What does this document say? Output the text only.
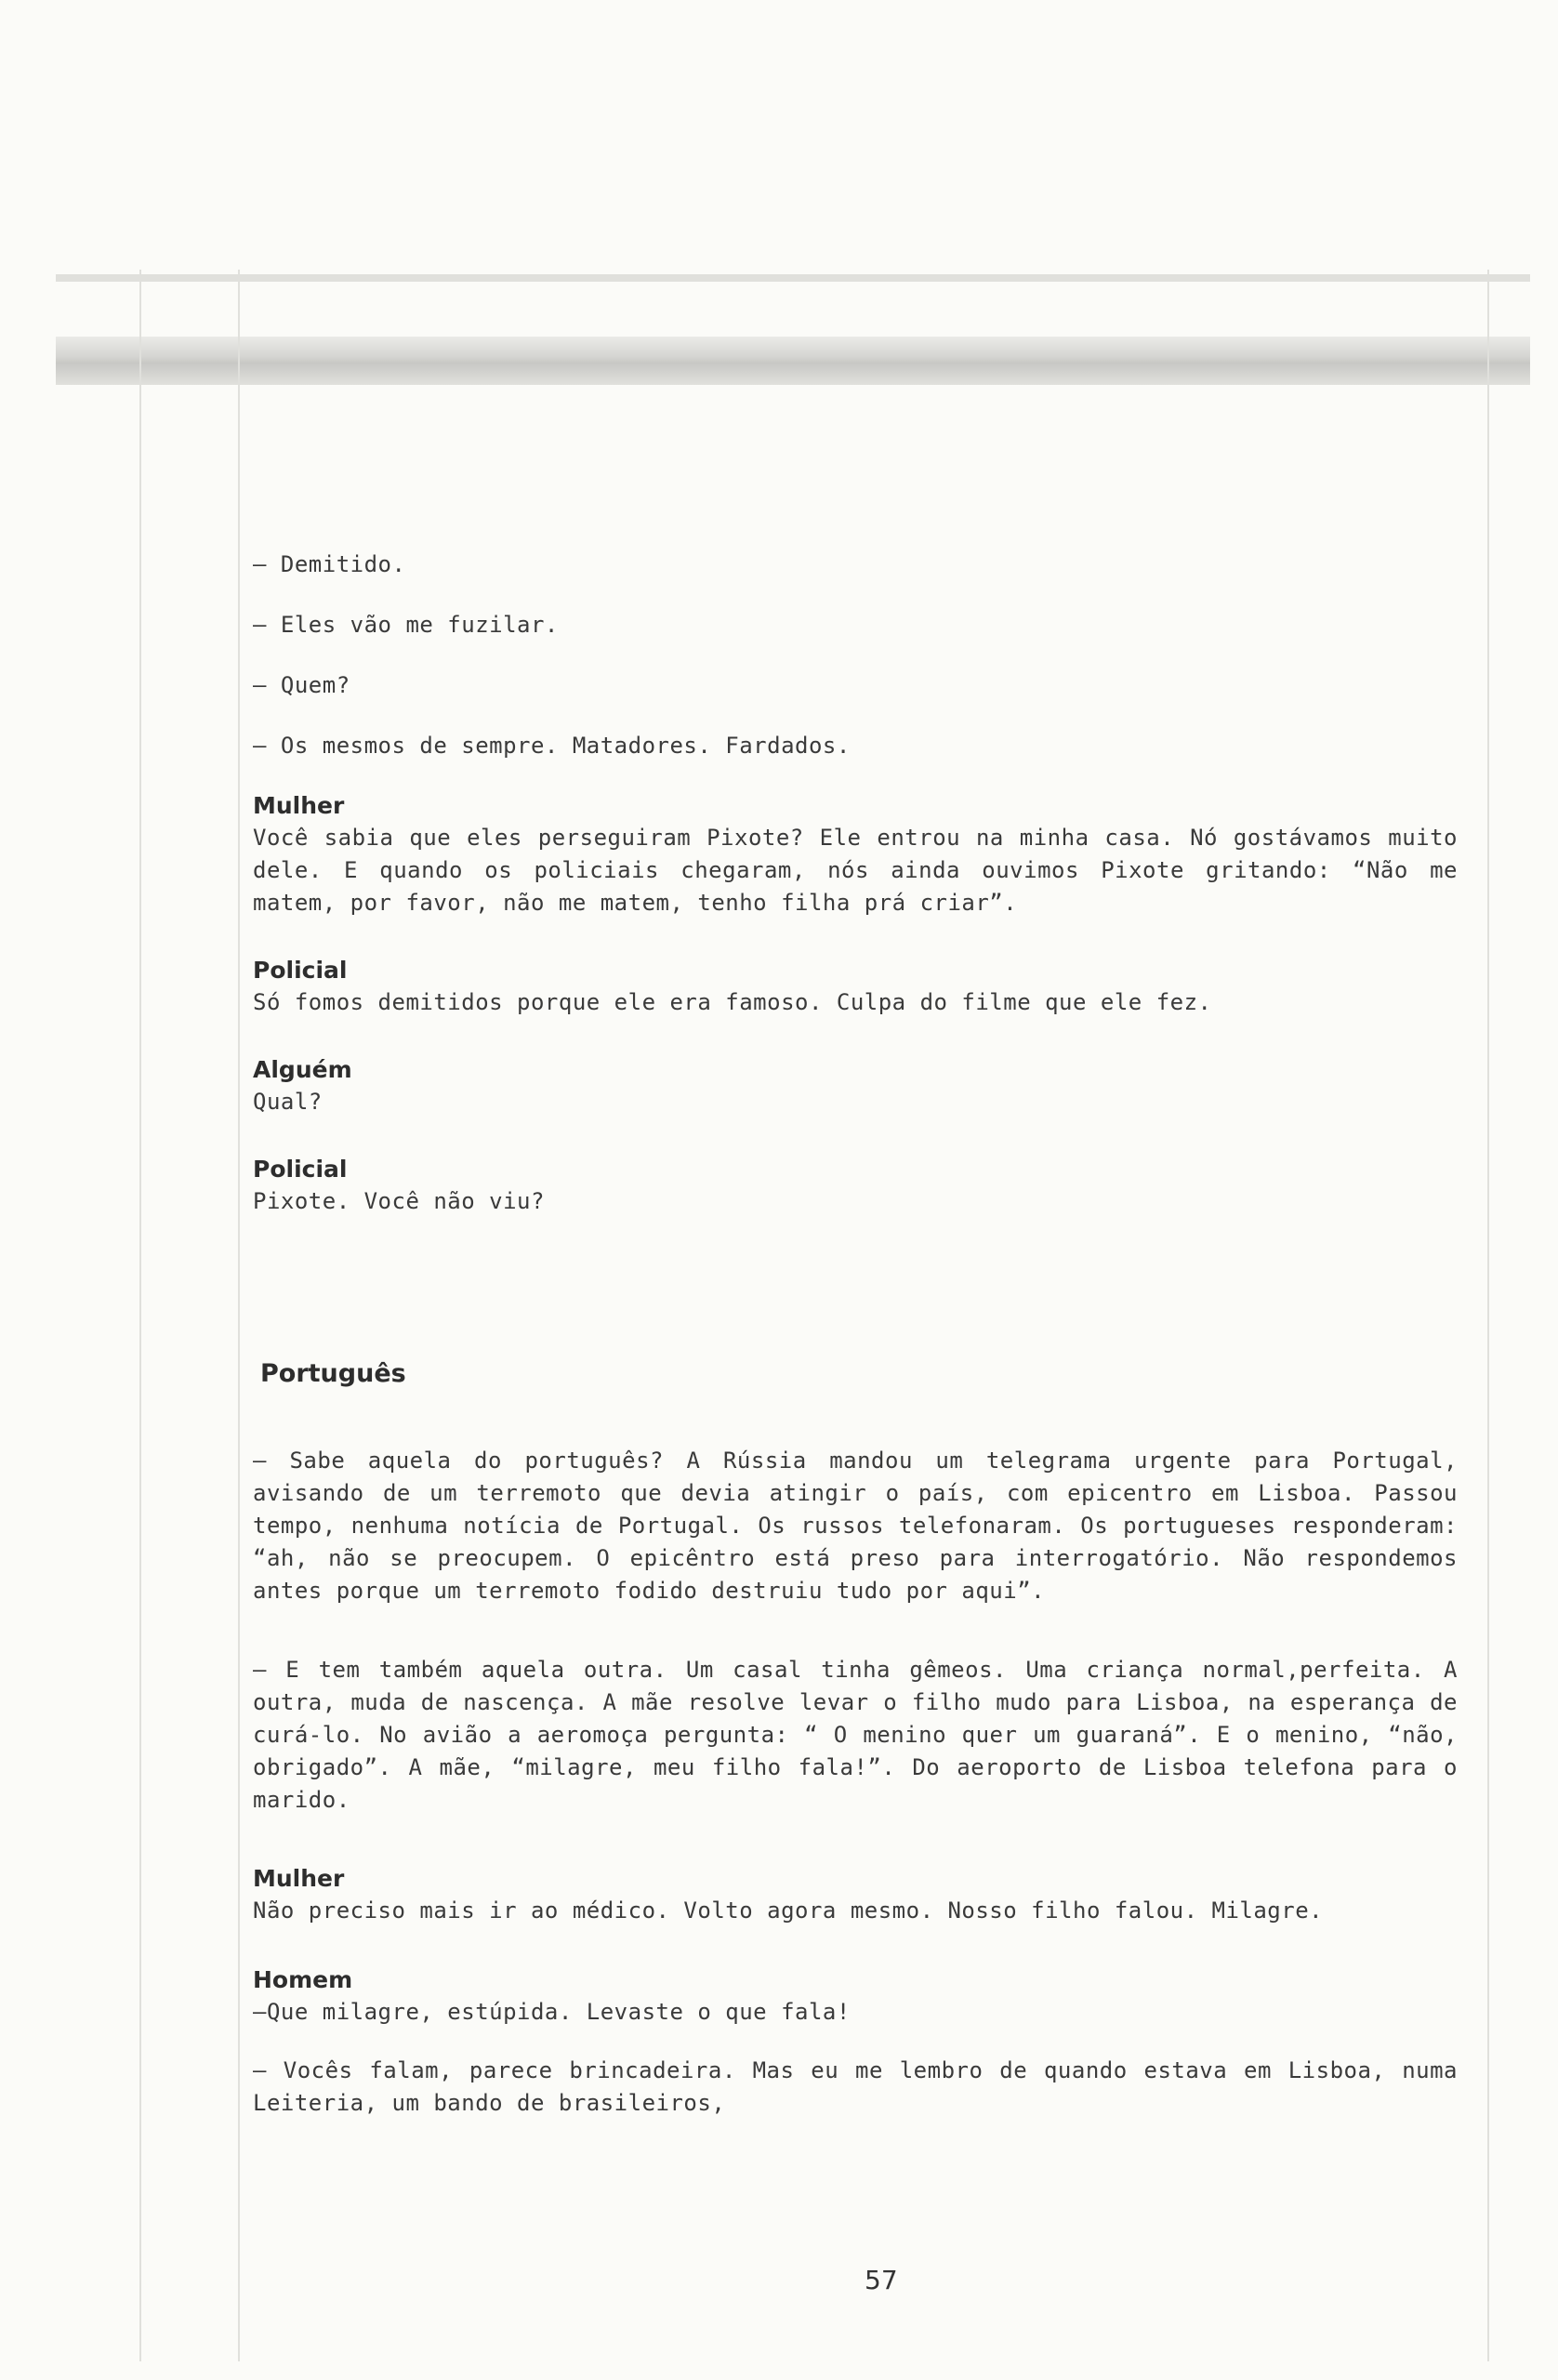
– Demitido.

– Eles vão me fuzilar.

– Quem?

– Os mesmos de sempre. Matadores. Fardados.

Mulher

Você sabia que eles perseguiram Pixote? Ele entrou na minha casa. Nó gostávamos muito dele. E quando os policiais chegaram, nós ainda ouvimos Pixote gritando: “Não me matem, por favor, não me matem, tenho filha prá criar”.

Policial

Só fomos demitidos porque ele era famoso. Culpa do filme que ele fez.

Alguém

Qual?

Policial

Pixote. Você não viu?

Português

– Sabe aquela do português? A Rússia mandou um telegrama urgente para Portugal, avisando de um terremoto que devia atingir o país, com epicentro em Lisboa. Passou tempo, nenhuma notícia de Portugal. Os russos telefonaram. Os portugueses responderam: “ah, não se preocupem. O epicêntro está preso para interrogatório. Não respondemos antes porque um terremoto fodido destruiu tudo por aqui”.

– E tem também aquela outra. Um casal tinha gêmeos. Uma criança normal,perfeita. A outra, muda de nascença. A mãe resolve levar o filho mudo para Lisboa, na esperança de curá-lo. No avião a aeromoça pergunta: “ O menino quer um guaraná”. E o menino, “não, obrigado”. A mãe, “milagre, meu filho fala!”. Do aeroporto de Lisboa telefona para o marido.

Mulher

Não preciso mais ir ao médico. Volto agora mesmo. Nosso filho falou. Milagre.

Homem

–Que milagre, estúpida. Levaste o que fala!

– Vocês falam, parece brincadeira. Mas eu me lembro de quando estava em Lisboa, numa Leiteria, um bando de brasileiros,

57
